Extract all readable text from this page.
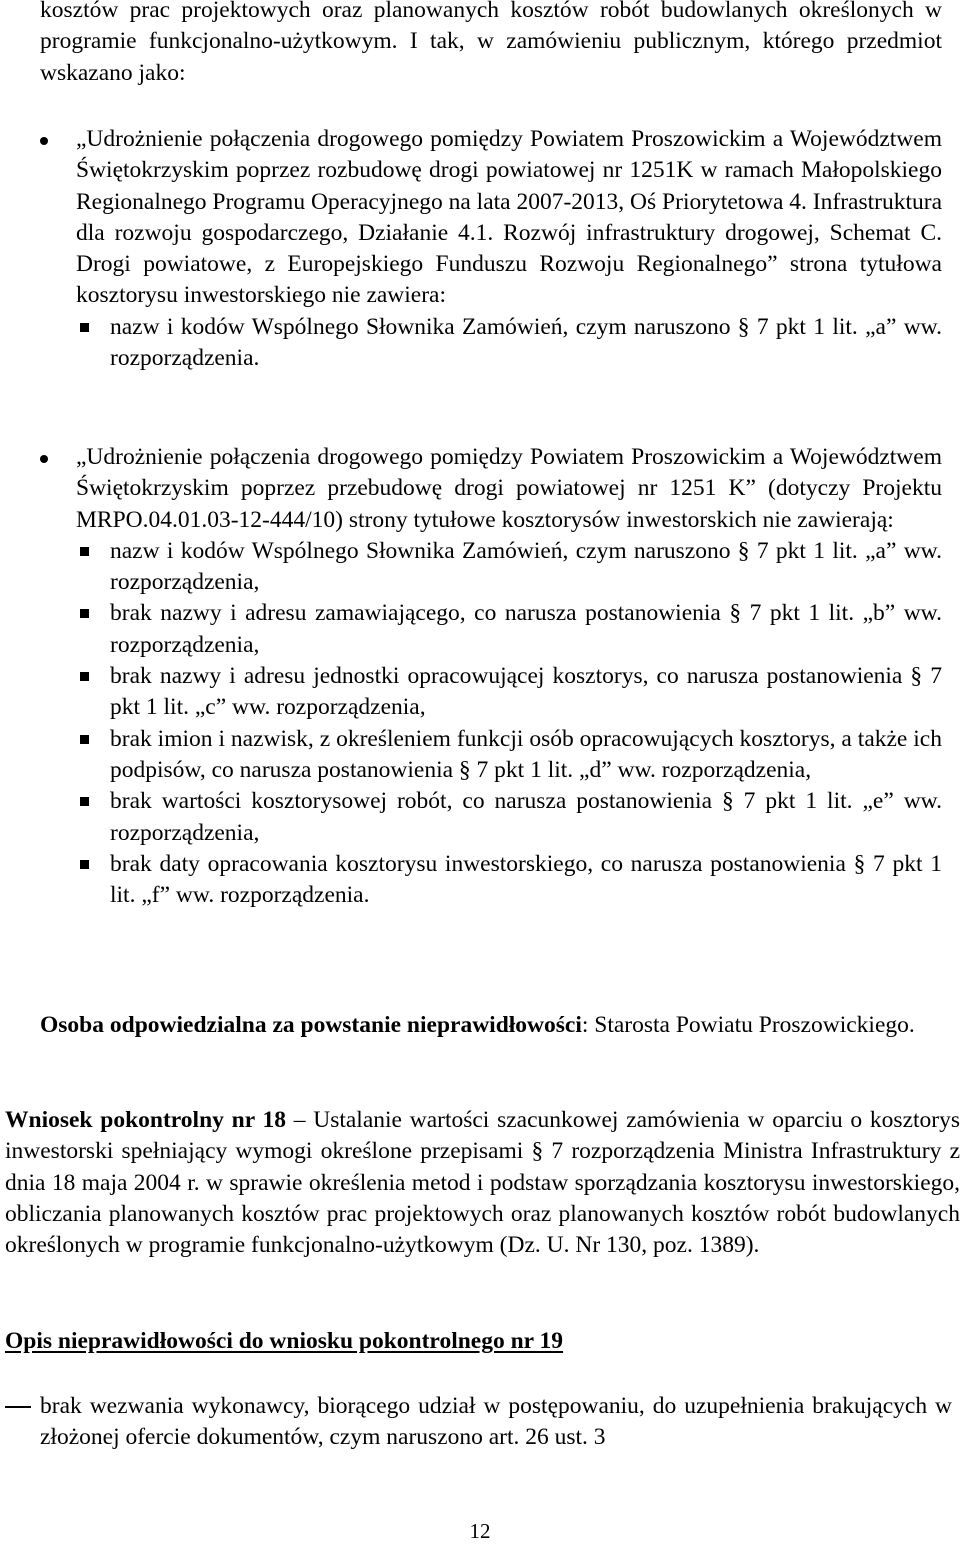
kosztów prac projektowych oraz planowanych kosztów robót budowlanych określonych w programie funkcjonalno-użytkowym. I tak, w zamówieniu publicznym, którego przedmiot wskazano jako:

„Udrożnienie połączenia drogowego pomiędzy Powiatem Proszowickim a Województwem Świętokrzyskim poprzez rozbudowę drogi powiatowej nr 1251K w ramach Małopolskiego Regionalnego Programu Operacyjnego na lata 2007-2013, Oś Priorytetowa 4. Infrastruktura dla rozwoju gospodarczego, Działanie 4.1. Rozwój infrastruktury drogowej, Schemat C. Drogi powiatowe, z Europejskiego Funduszu Rozwoju Regionalnego” strona tytułowa kosztorysu inwestorskiego nie zawiera:
nazw i kodów Wspólnego Słownika Zamówień, czym naruszono § 7 pkt 1 lit. „a” ww. rozporządzenia.
„Udrożnienie połączenia drogowego pomiędzy Powiatem Proszowickim a Województwem Świętokrzyskim poprzez przebudowę drogi powiatowej nr 1251 K” (dotyczy Projektu MRPO.04.01.03-12-444/10) strony tytułowe kosztorysów inwestorskich nie zawierają:
nazw i kodów Wspólnego Słownika Zamówień, czym naruszono § 7 pkt 1 lit. „a” ww. rozporządzenia,
brak nazwy i adresu zamawiającego, co narusza postanowienia § 7 pkt 1 lit. „b” ww. rozporządzenia,
brak nazwy i adresu jednostki opracowującej kosztorys, co narusza postanowienia § 7 pkt 1 lit. „c” ww. rozporządzenia,
brak imion i nazwisk, z określeniem funkcji osób opracowujących kosztorys, a także ich podpisów, co narusza postanowienia § 7 pkt 1 lit. „d” ww. rozporządzenia,
brak wartości kosztorysowej robót, co narusza postanowienia § 7 pkt 1 lit. „e” ww. rozporządzenia,
brak daty opracowania kosztorysu inwestorskiego, co narusza postanowienia § 7 pkt 1 lit. „f” ww. rozporządzenia.

Osoba odpowiedzialna za powstanie nieprawidłowości: Starosta Powiatu Proszowickiego.

Wniosek pokontrolny nr 18 – Ustalanie wartości szacunkowej zamówienia w oparciu o kosztorys inwestorski spełniający wymogi określone przepisami § 7 rozporządzenia Ministra Infrastruktury z dnia 18 maja 2004 r. w sprawie określenia metod i podstaw sporządzania kosztorysu inwestorskiego, obliczania planowanych kosztów prac projektowych oraz planowanych kosztów robót budowlanych określonych w programie funkcjonalno-użytkowym (Dz. U. Nr 130, poz. 1389).

Opis nieprawidłowości do wniosku pokontrolnego nr 19
brak wezwania wykonawcy, biorącego udział w postępowaniu, do uzupełnienia brakujących w złożonej ofercie dokumentów, czym naruszono art. 26 ust. 3
12
